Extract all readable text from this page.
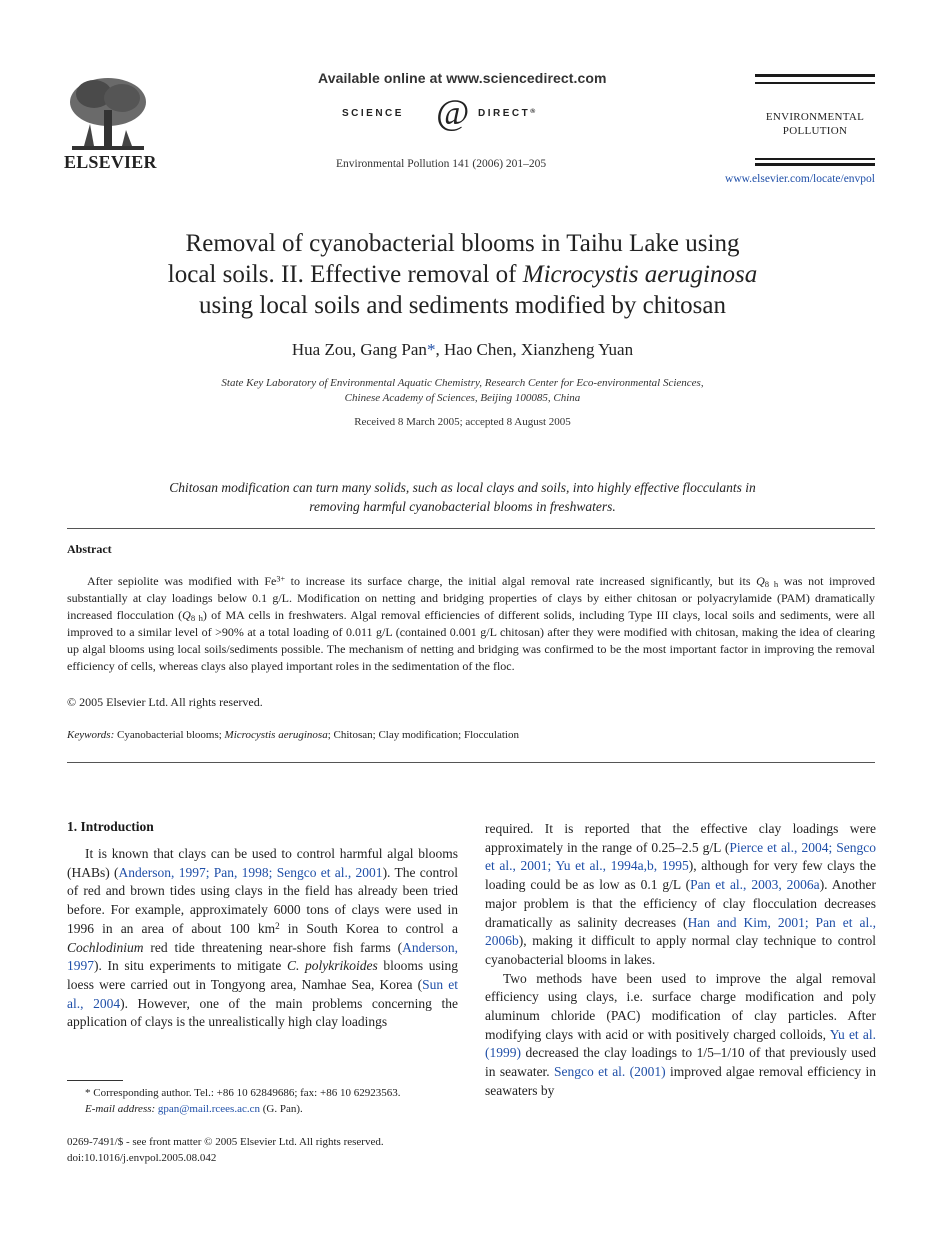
ELSEVIER
Available online at www.sciencedirect.com
SCIENCE @ DIRECT®
Environmental Pollution 141 (2006) 201–205
ENVIRONMENTAL
POLLUTION
www.elsevier.com/locate/envpol
Removal of cyanobacterial blooms in Taihu Lake using
local soils. II. Effective removal of Microcystis aeruginosa
using local soils and sediments modified by chitosan
Hua Zou, Gang Pan*, Hao Chen, Xianzheng Yuan
State Key Laboratory of Environmental Aquatic Chemistry, Research Center for Eco-environmental Sciences,
Chinese Academy of Sciences, Beijing 100085, China
Received 8 March 2005; accepted 8 August 2005
Chitosan modification can turn many solids, such as local clays and soils, into highly effective flocculants in
removing harmful cyanobacterial blooms in freshwaters.
Abstract

After sepiolite was modified with $Fe^{3+}$ to increase its surface charge, the initial algal removal rate increased significantly, but its $Q_{8 h}$ was not improved substantially at clay loadings below 0.1 g/L. Modification on netting and bridging properties of clays by either chitosan or polyacrylamide (PAM) dramatically increased flocculation $(Q_{8 h})$ of MA cells in freshwaters. Algal removal efficiencies of different solids, including Type III clays, local soils and sediments, were all improved to a similar level of >90% at a total loading of 0.011 g/L (contained 0.001 g/L chitosan) after they were modified with chitosan, making the idea of clearing up algal blooms using local soils/sediments possible. The mechanism of netting and bridging was confirmed to be the most important factor in improving the removal efficiency of cells, whereas clays also played important roles in the sedimentation of the floc.

© 2005 Elsevier Ltd. All rights reserved.
Keywords: Cyanobacterial blooms; Microcystis aeruginosa; Chitosan; Clay modification; Flocculation
1. Introduction

It is known that clays can be used to control harmful algal blooms (HABs) (Anderson, 1997; Pan, 1998; Sengco et al., 2001). The control of red and brown tides using clays in the field has already been tried before. For example, approximately 6000 tons of clays were used in 1996 in an area of about 100 $km^2$ in South Korea to control a Cochlodinium red tide threatening near-shore fish farms (Anderson, 1997). In situ experiments to mitigate C. polykrikoides blooms using loess were carried out in Tongyong area, Namhae Sea, Korea (Sun et al., 2004). However, one of the main problems concerning the application of clays is the unrealistically high clay loadings

required. It is reported that the effective clay loadings were approximately in the range of 0.25–2.5 g/L (Pierce et al., 2004; Sengco et al., 2001; Yu et al., 1994a,b, 1995), although for very few clays the loading could be as low as 0.1 g/L (Pan et al., 2003, 2006a). Another major problem is that the efficiency of clay flocculation decreases dramatically as salinity decreases (Han and Kim, 2001; Pan et al., 2006b), making it difficult to apply normal clay technique to control cyanobacterial blooms in lakes.

Two methods have been used to improve the algal removal efficiency using clays, i.e. surface charge modification and poly aluminum chloride (PAC) modification of clay particles. After modifying clays with acid or with positively charged colloids, Yu et al. (1999) decreased the clay loadings to 1/5–1/10 of that previously used in seawater. Sengco et al. (2001) improved algae removal efficiency in seawaters by

* Corresponding author. Tel.: +86 10 62849686; fax: +86 10 62923563.
E-mail address: gpan@mail.rcees.ac.cn (G. Pan).
0269-7491/$ - see front matter © 2005 Elsevier Ltd. All rights reserved.
doi:10.1016/j.envpol.2005.08.042
